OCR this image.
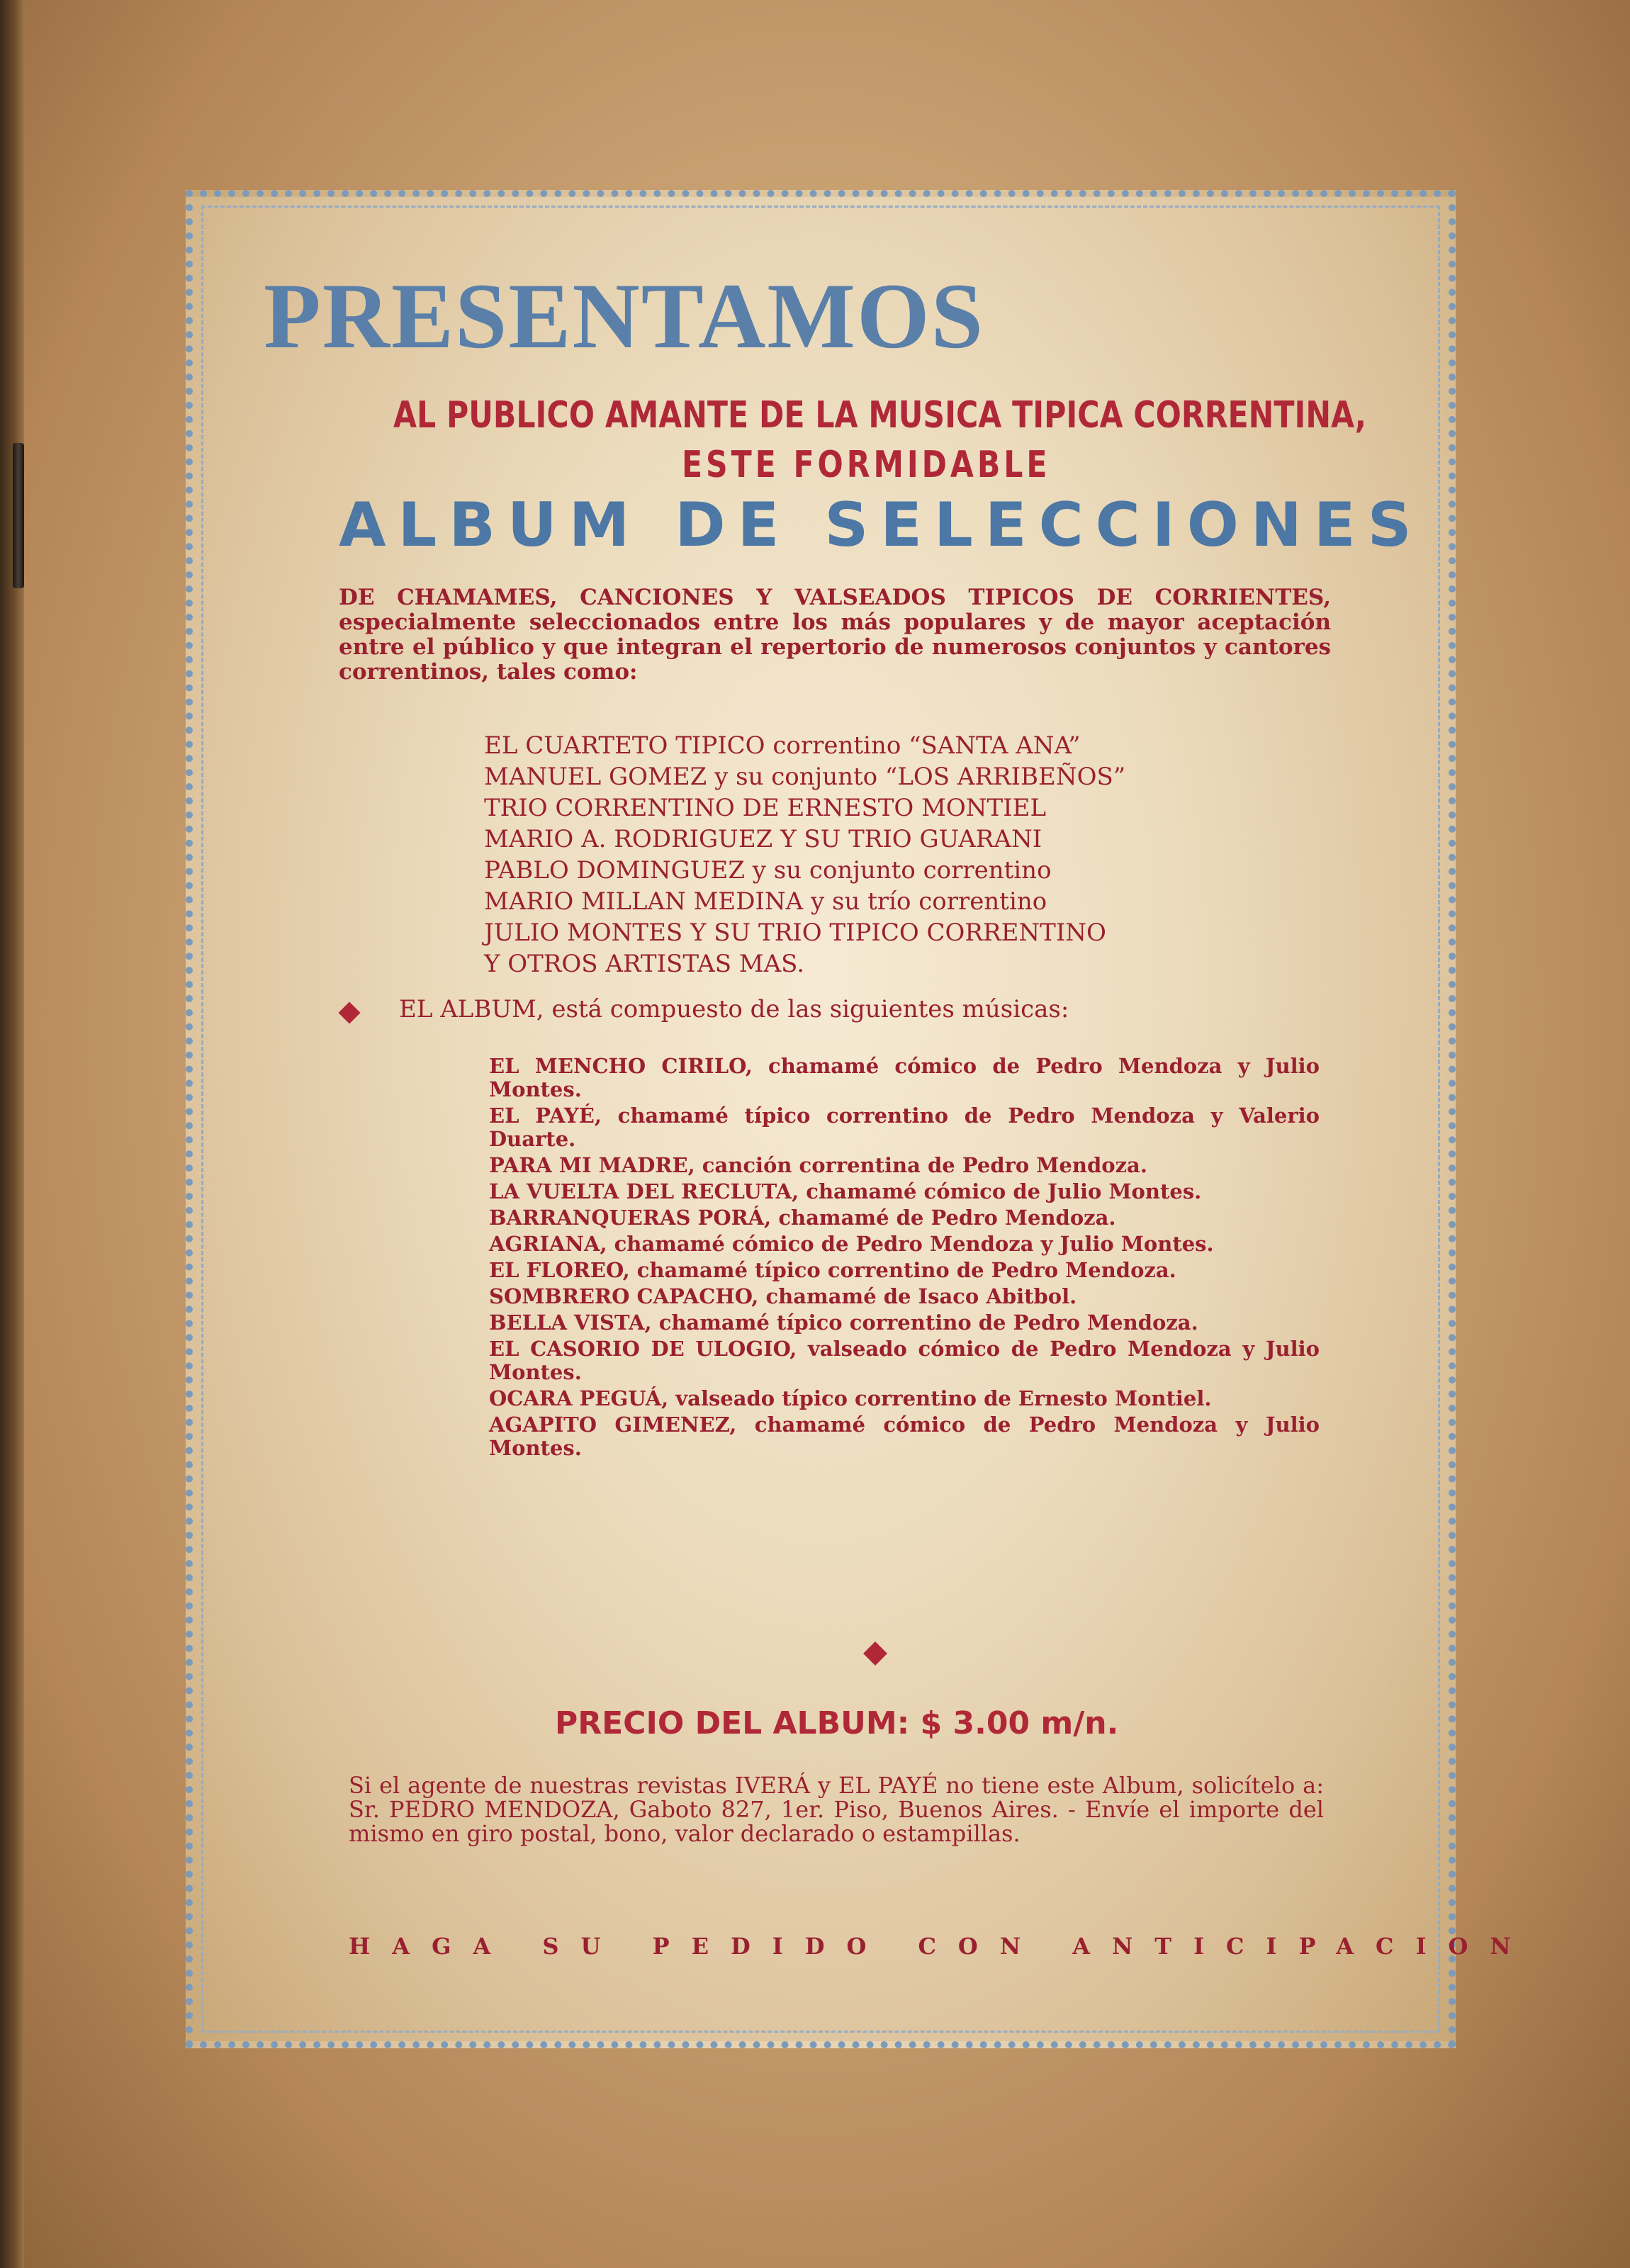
PRESENTAMOS
AL PUBLICO AMANTE DE LA MUSICA TIPICA CORRENTINA,
ESTE FORMIDABLE
ALBUM DE SELECCIONES

DE CHAMAMES, CANCIONES Y VALSEADOS TIPICOS DE CORRIENTES, especialmente seleccionados entre los más populares y de mayor aceptación entre el público y que integran el repertorio de numerosos conjuntos y cantores correntinos, tales como:

EL CUARTETO TIPICO correntino “SANTA ANA”
MANUEL GOMEZ y su conjunto “LOS ARRIBEÑOS”
TRIO CORRENTINO DE ERNESTO MONTIEL
MARIO A. RODRIGUEZ Y SU TRIO GUARANI
PABLO DOMINGUEZ y su conjunto correntino
MARIO MILLAN MEDINA y su trío correntino
JULIO MONTES Y SU TRIO TIPICO CORRENTINO
Y OTROS ARTISTAS MAS.
EL ALBUM, está compuesto de las siguientes músicas:
EL MENCHO CIRILO, chamamé cómico de Pedro Mendoza y Julio Montes.
EL PAYÉ, chamamé típico correntino de Pedro Mendoza y Valerio Duarte.
PARA MI MADRE, canción correntina de Pedro Mendoza.
LA VUELTA DEL RECLUTA, chamamé cómico de Julio Montes.
BARRANQUERAS PORÁ, chamamé de Pedro Mendoza.
AGRIANA, chamamé cómico de Pedro Mendoza y Julio Montes.
EL FLOREO, chamamé típico correntino de Pedro Mendoza.
SOMBRERO CAPACHO, chamamé de Isaco Abitbol.
BELLA VISTA, chamamé típico correntino de Pedro Mendoza.
EL CASORIO DE ULOGIO, valseado cómico de Pedro Mendoza y Julio Montes.
OCARA PEGUÁ, valseado típico correntino de Ernesto Montiel.
AGAPITO GIMENEZ, chamamé cómico de Pedro Mendoza y Julio Montes.
PRECIO DEL ALBUM: $ 3.00 m/n.

Si el agente de nuestras revistas IVERÁ y EL PAYÉ no tiene este Album, solicítelo a: Sr. PEDRO MENDOZA, Gaboto 827, 1er. Piso, Buenos Aires. - Envíe el importe del mismo en giro postal, bono, valor declarado o estampillas.

HAGA SU PEDIDO CON ANTICIPACION
